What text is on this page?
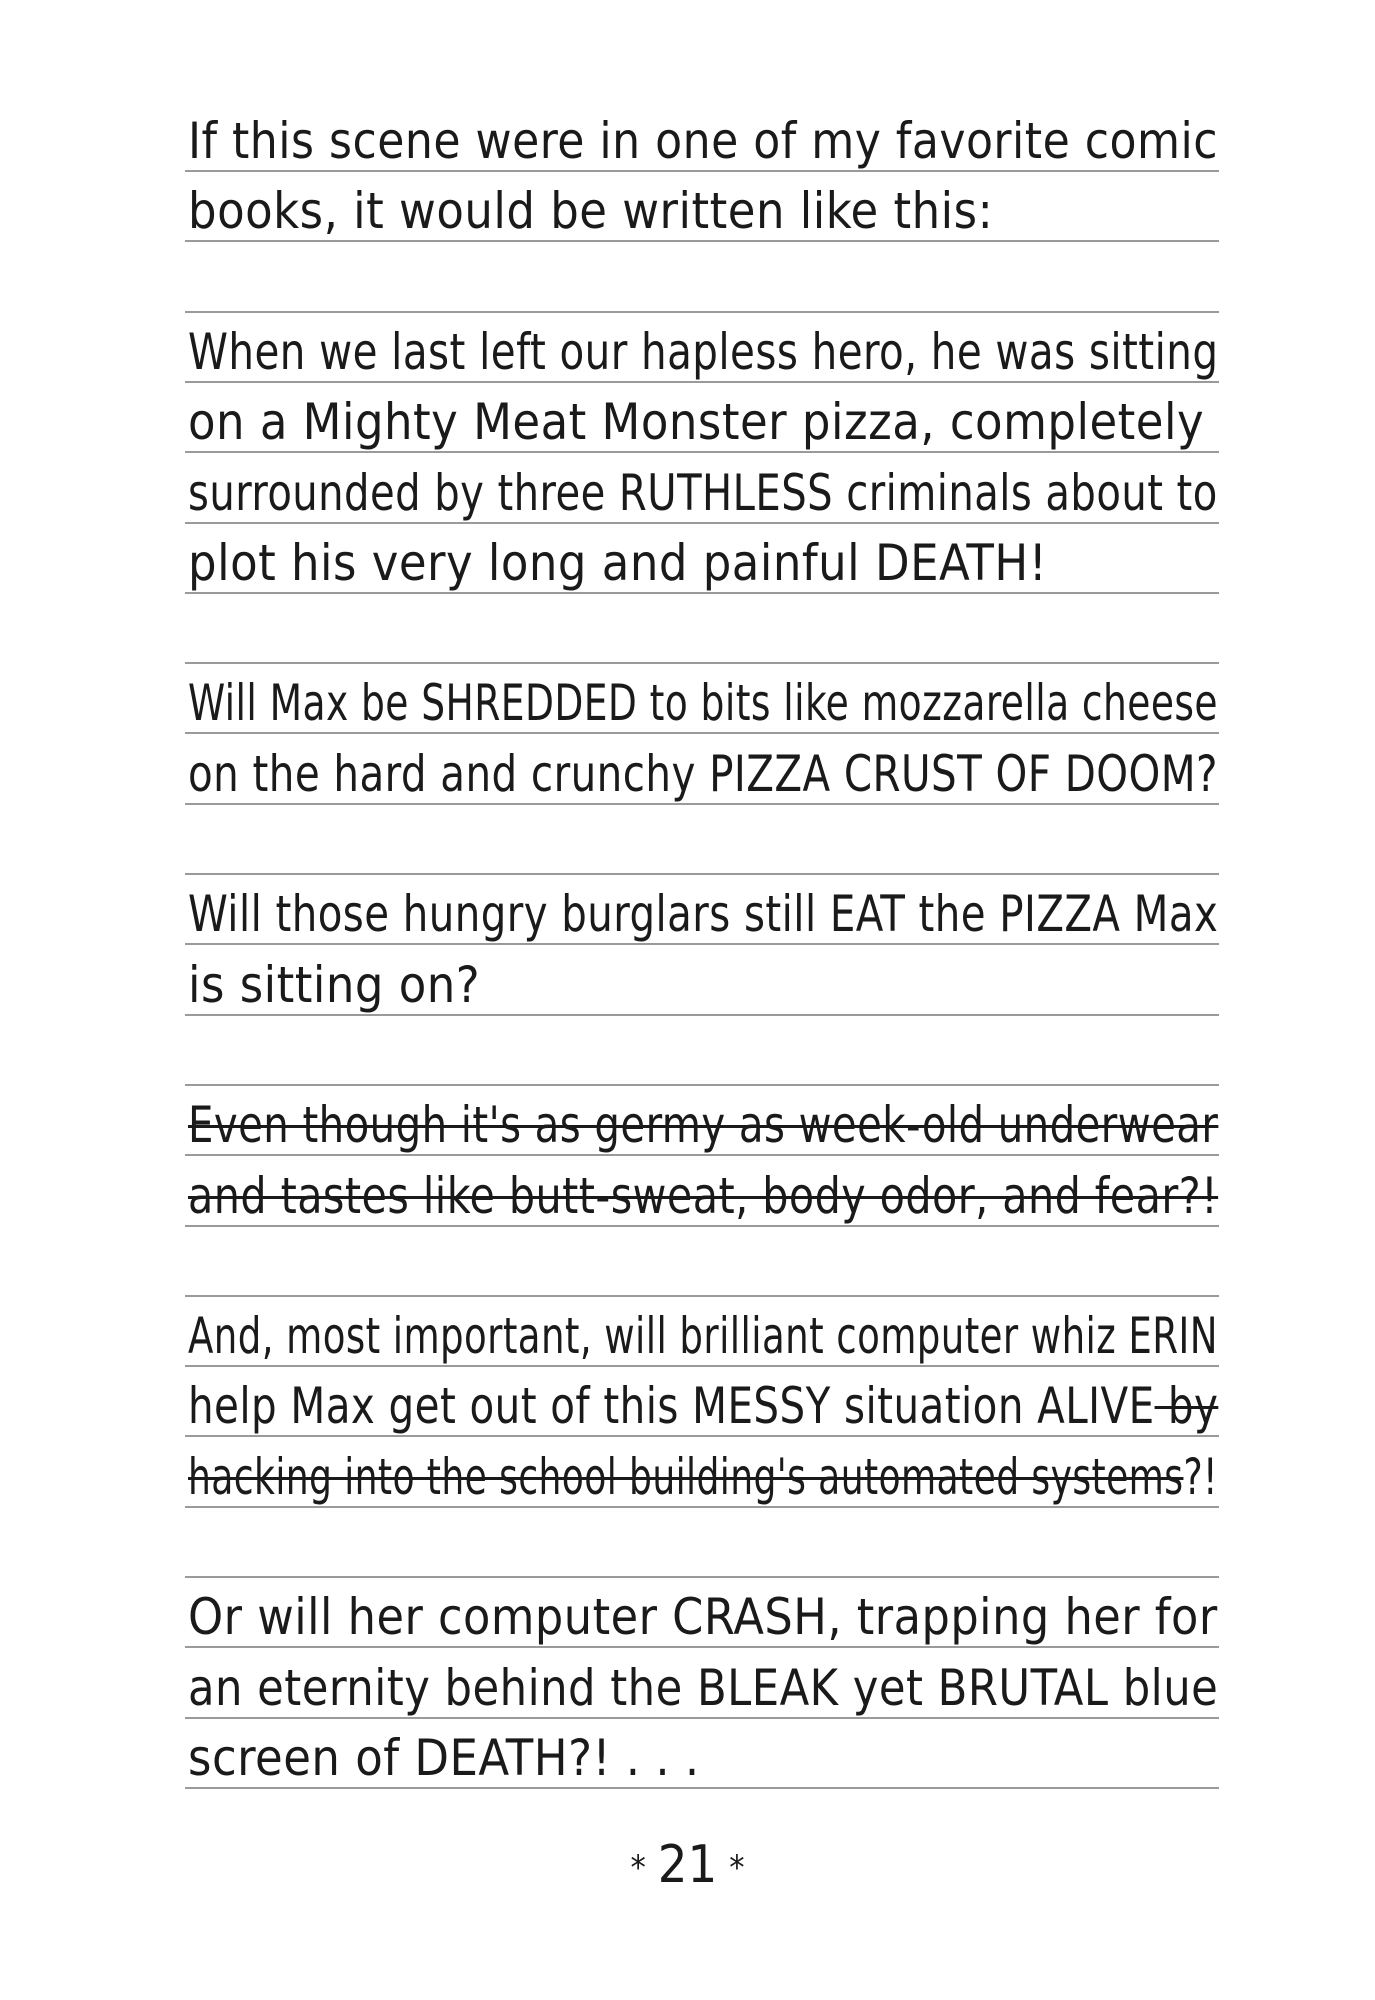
If this scene were in one of my favorite comic
books, it would be written like this:
When we last left our hapless hero, he was sitting
on a Mighty Meat Monster pizza, completely
surrounded by three RUTHLESS criminals about to
plot his very long and painful DEATH!
Will Max be SHREDDED to bits like mozzarella cheese
on the hard and crunchy PIZZA CRUST OF DOOM?
Will those hungry burglars still EAT the PIZZA Max
is sitting on?
Even though it's as germy as week-old underwear
and tastes like butt-sweat, body odor, and fear?!
And, most important, will brilliant computer whiz ERIN
help Max get out of this MESSY situation ALIVE by
hacking into the school building's automated systems?!
Or will her computer CRASH, trapping her for
an eternity behind the BLEAK yet BRUTAL blue
screen of DEATH?! . . .
* 21 *
